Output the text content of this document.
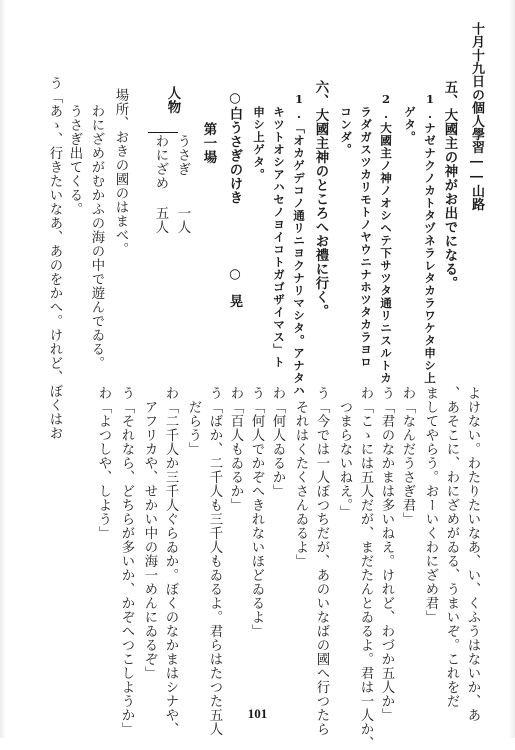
十月十九日の個人學習――山路
五、大國主の神がお出でになる。
1.ナゼナクノカトタヅネラレタカラワケタ申シ上
ゲタ。
2.大國主ノ神ノオシヘテ下サツタ通リニスルトカ
ラダガスツカリモトノヤウニナホツタカラヨロ
コンダ。
六、大國主神のところへお禮に行く。
1.「オカゲデコノ通リニヨクナリマシタ。アナタハ
キツトオシアハセノヨイコトガゴザイマス」ト
申シ上ゲタ。
○白うさぎのけき
○
晃
第一場
人物
うさぎ
一人
わにざめ
五人
場所、おきの國のはまべ。
わにざめがむかふの海の中で遊んでゐる。
うさぎ出てくる。
う「あゝ、行きたいなあ、あのをかへ。けれど、ぼくはお
よけない。わたりたいなあ、い、くふうはないか、あ
、あそこに、わにざめがゐる、うまいぞ。これをだ
ましてやらう。おーいくわにざめ君」
わ「なんだうさぎ君」
う「君のなかまは多いねえ。けれど、わづか五人か」
わ「こゝには五人だが、まだたんとゐるよ。君は一人か、
つまらないねえ。」
う「今では一人ぼつちだが、あのいなばの國へ行つたら
それはくたくさんゐるよ」
わ「何人ゐるか」
う「何人でかぞへきれないほどゐるよ」
わ「百人もゐるか」
う「ばか、二千人も三千人もゐるよ。君らはたつた五人
だらう」
わ「二千人か三千人ぐらゐか。ぼくのなかまはシナや、
アフリカや、せかい中の海一めんにゐるぞ」
う「それなら、どちらが多いか、かぞへつこしようか」
わ「よつしや、しよう」
101
